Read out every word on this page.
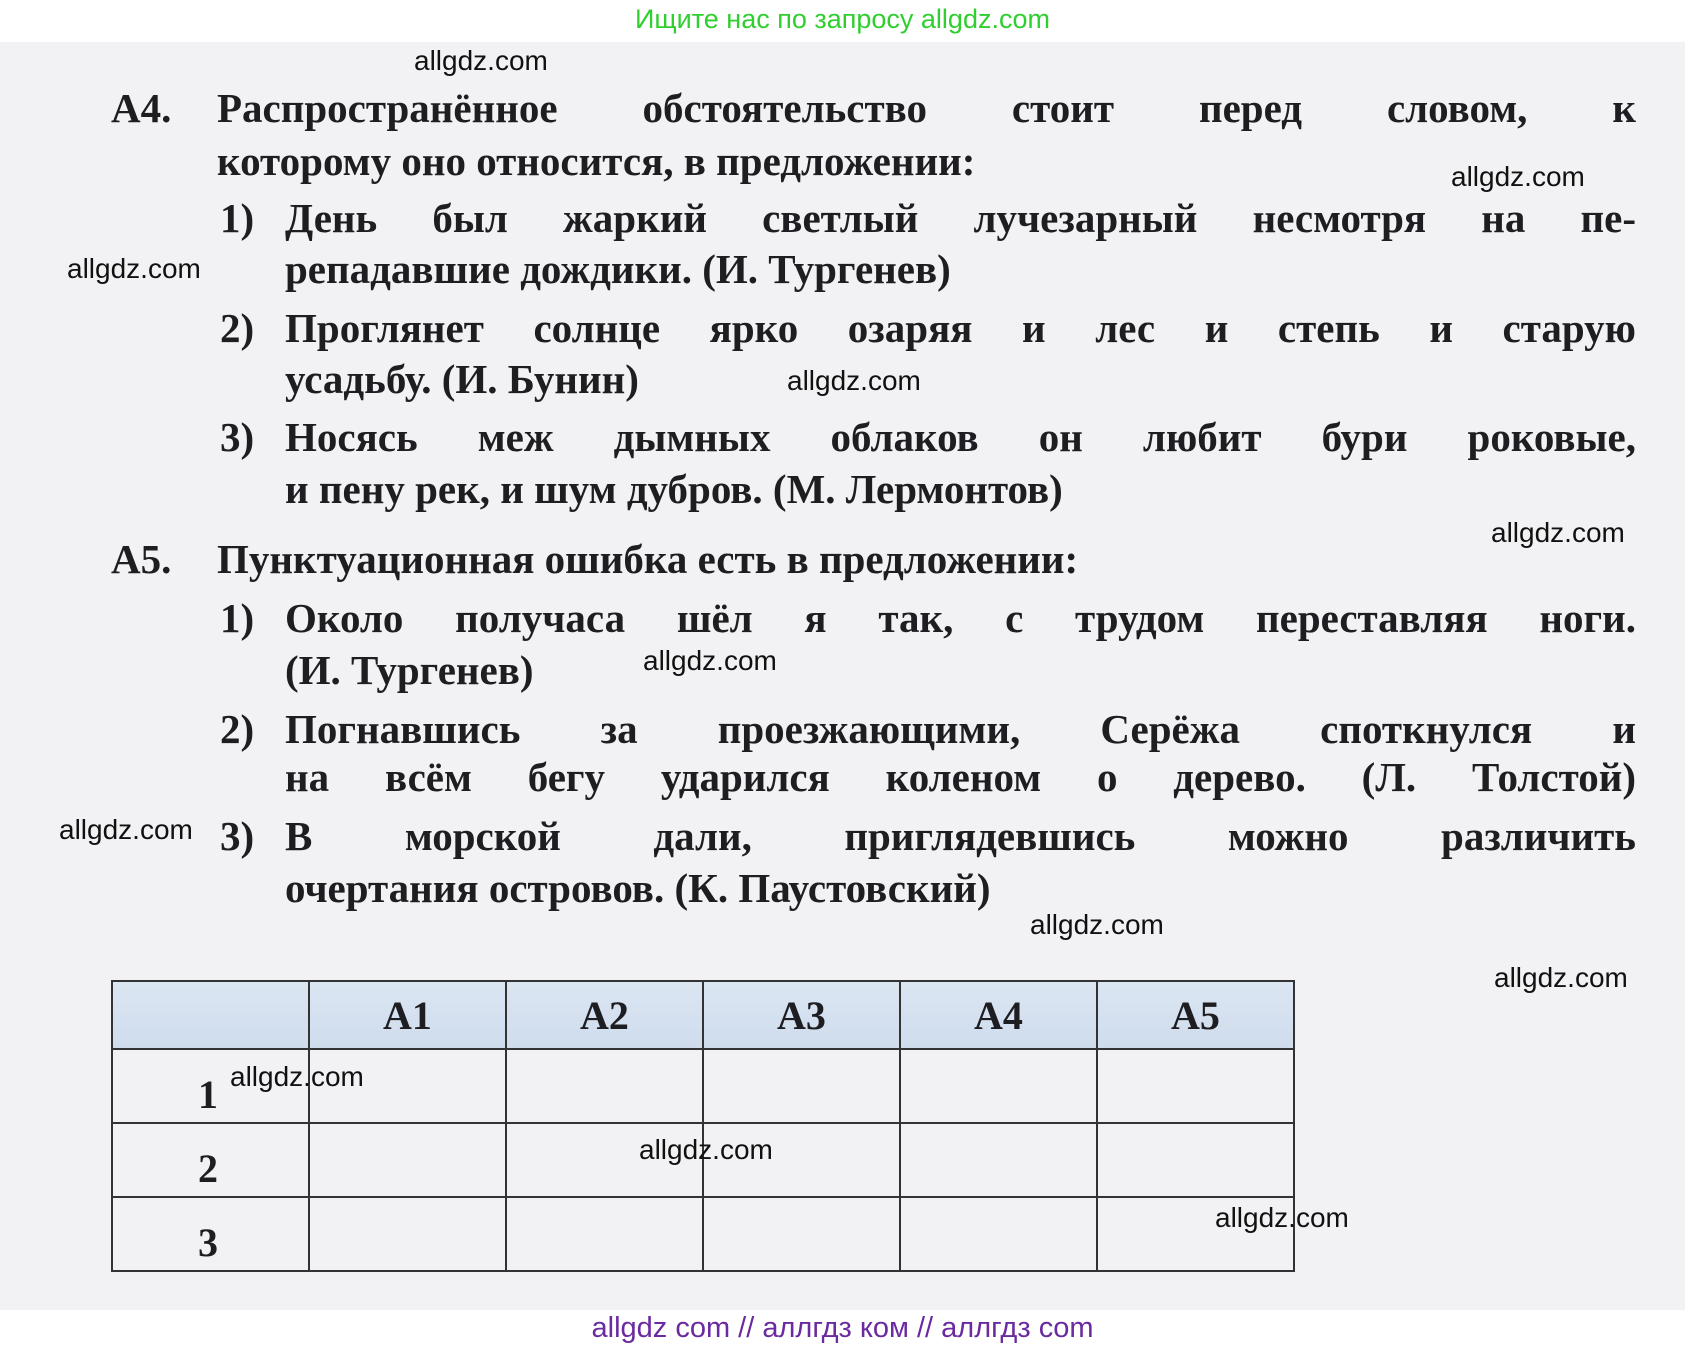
Ищите нас по запросу allgdz.com
А4. Распространённое обстоятельство стоит перед словом, к
которому оно относится, в предложении:
1) День был жаркий светлый лучезарный несмотря на пе-
репадавшие дождики. (И. Тургенев)
2) Проглянет солнце ярко озаряя и лес и степь и старую
усадьбу. (И. Бунин)
3) Носясь меж дымных облаков он любит бури роковые,
и пену рек, и шум дубров. (М. Лермонтов)
А5. Пунктуационная ошибка есть в предложении:
1) Около получаса шёл я так, с трудом переставляя ноги.
(И. Тургенев)
2) Погнавшись за проезжающими, Серёжа споткнулся и
на всём бегу ударился коленом о дерево. (Л. Толстой)
3) В морской дали, приглядевшись можно различить
очертания островов. (К. Паустовский)
	А1	А2	А3	А4	А5
1					
2					
3					
allgdz.com
allgdz.com
allgdz.com
allgdz.com
allgdz.com
allgdz.com
allgdz.com
allgdz.com
allgdz.com
allgdz.com
allgdz.com
allgdz.com
allgdz com // аллгдз ком // аллгдз com
